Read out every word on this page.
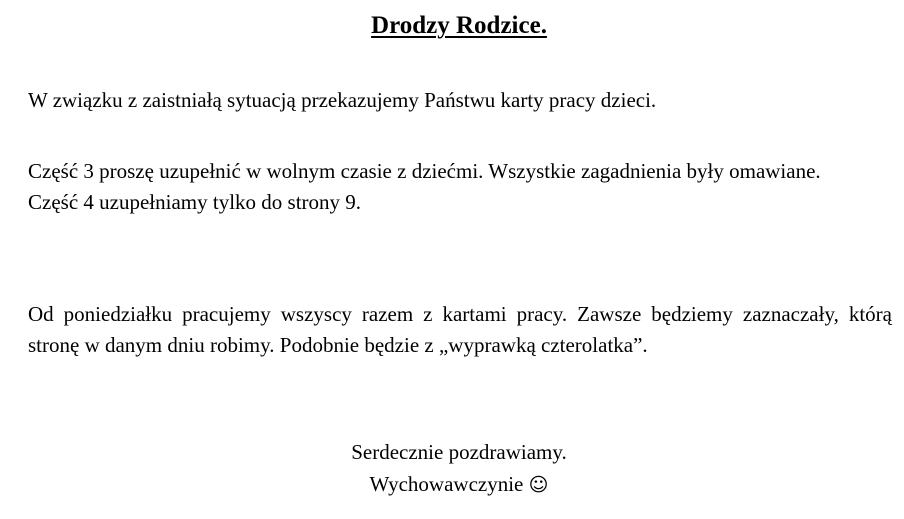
Drodzy Rodzice.

W związku z zaistniałą sytuacją przekazujemy Państwu karty pracy dzieci.

Część 3 proszę uzupełnić w wolnym czasie z dziećmi. Wszystkie zagadnienia były omawiane.
Część 4 uzupełniamy tylko do strony 9.

Od poniedziałku pracujemy wszyscy razem z kartami pracy. Zawsze będziemy zaznaczały, którą stronę w danym dniu robimy. Podobnie będzie z „wyprawką czterolatka”.

Serdecznie pozdrawiamy.

Wychowawczynie ☺
